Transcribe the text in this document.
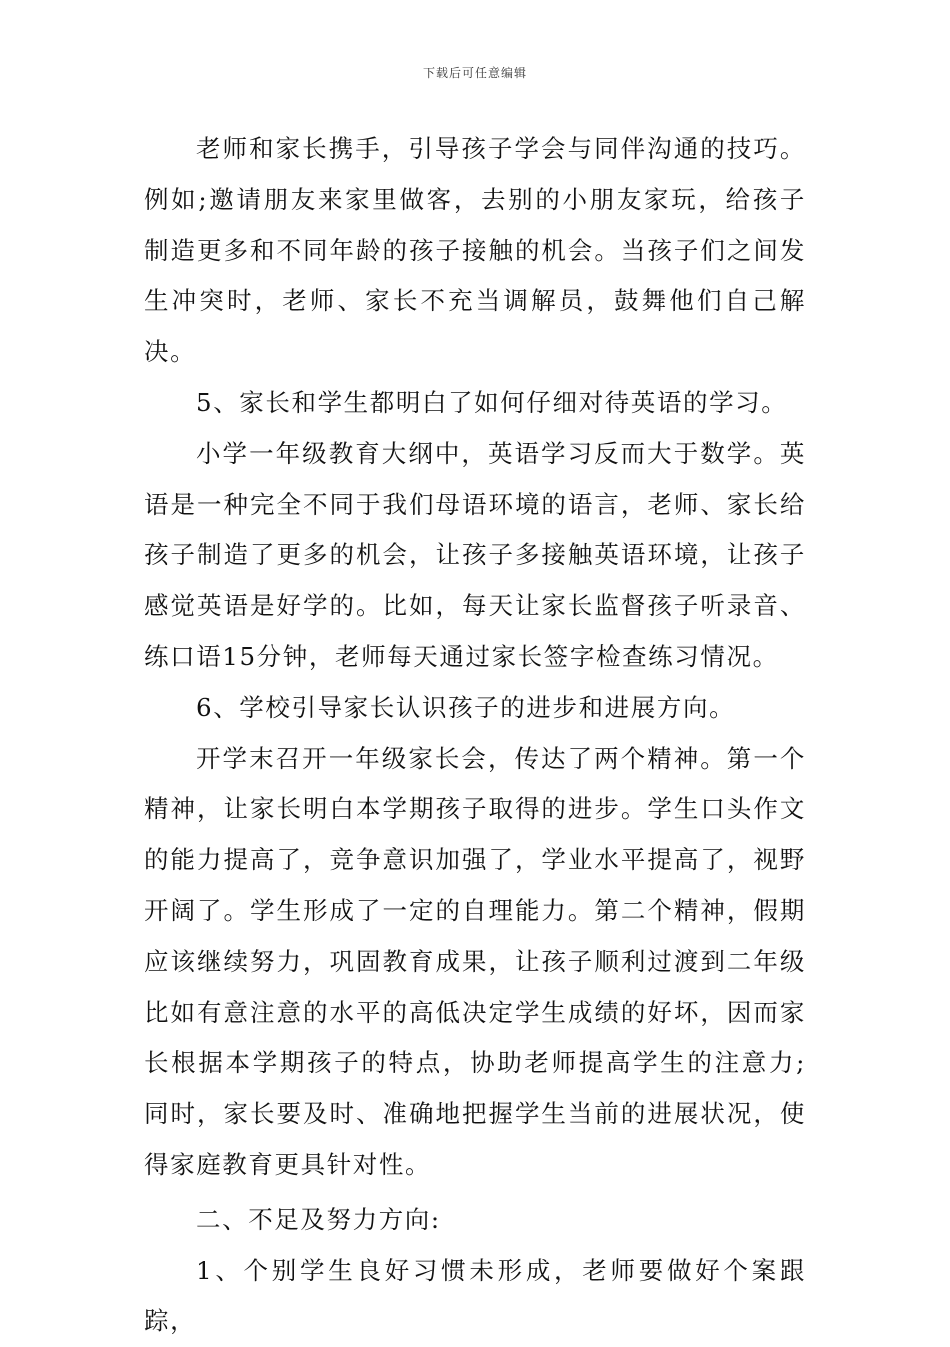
下载后可任意编辑

老师和家长携手，引导孩子学会与同伴沟通的技巧。例如;邀请朋友来家里做客，去别的小朋友家玩，给孩子制造更多和不同年龄的孩子接触的机会。当孩子们之间发生冲突时，老师、家长不充当调解员，鼓舞他们自己解决。

5、家长和学生都明白了如何仔细对待英语的学习。

小学一年级教育大纲中，英语学习反而大于数学。英语是一种完全不同于我们母语环境的语言，老师、家长给孩子制造了更多的机会，让孩子多接触英语环境，让孩子感觉英语是好学的。比如，每天让家长监督孩子听录音、练口语15分钟，老师每天通过家长签字检查练习情况。

6、学校引导家长认识孩子的进步和进展方向。

开学末召开一年级家长会，传达了两个精神。第一个精神，让家长明白本学期孩子取得的进步。学生口头作文的能力提高了，竞争意识加强了，学业水平提高了，视野开阔了。学生形成了一定的自理能力。第二个精神，假期应该继续努力，巩固教育成果，让孩子顺利过渡到二年级比如有意注意的水平的高低决定学生成绩的好坏，因而家长根据本学期孩子的特点，协助老师提高学生的注意力;同时，家长要及时、准确地把握学生当前的进展状况，使得家庭教育更具针对性。

二、不足及努力方向:

1、个别学生良好习惯未形成，老师要做好个案跟踪，
